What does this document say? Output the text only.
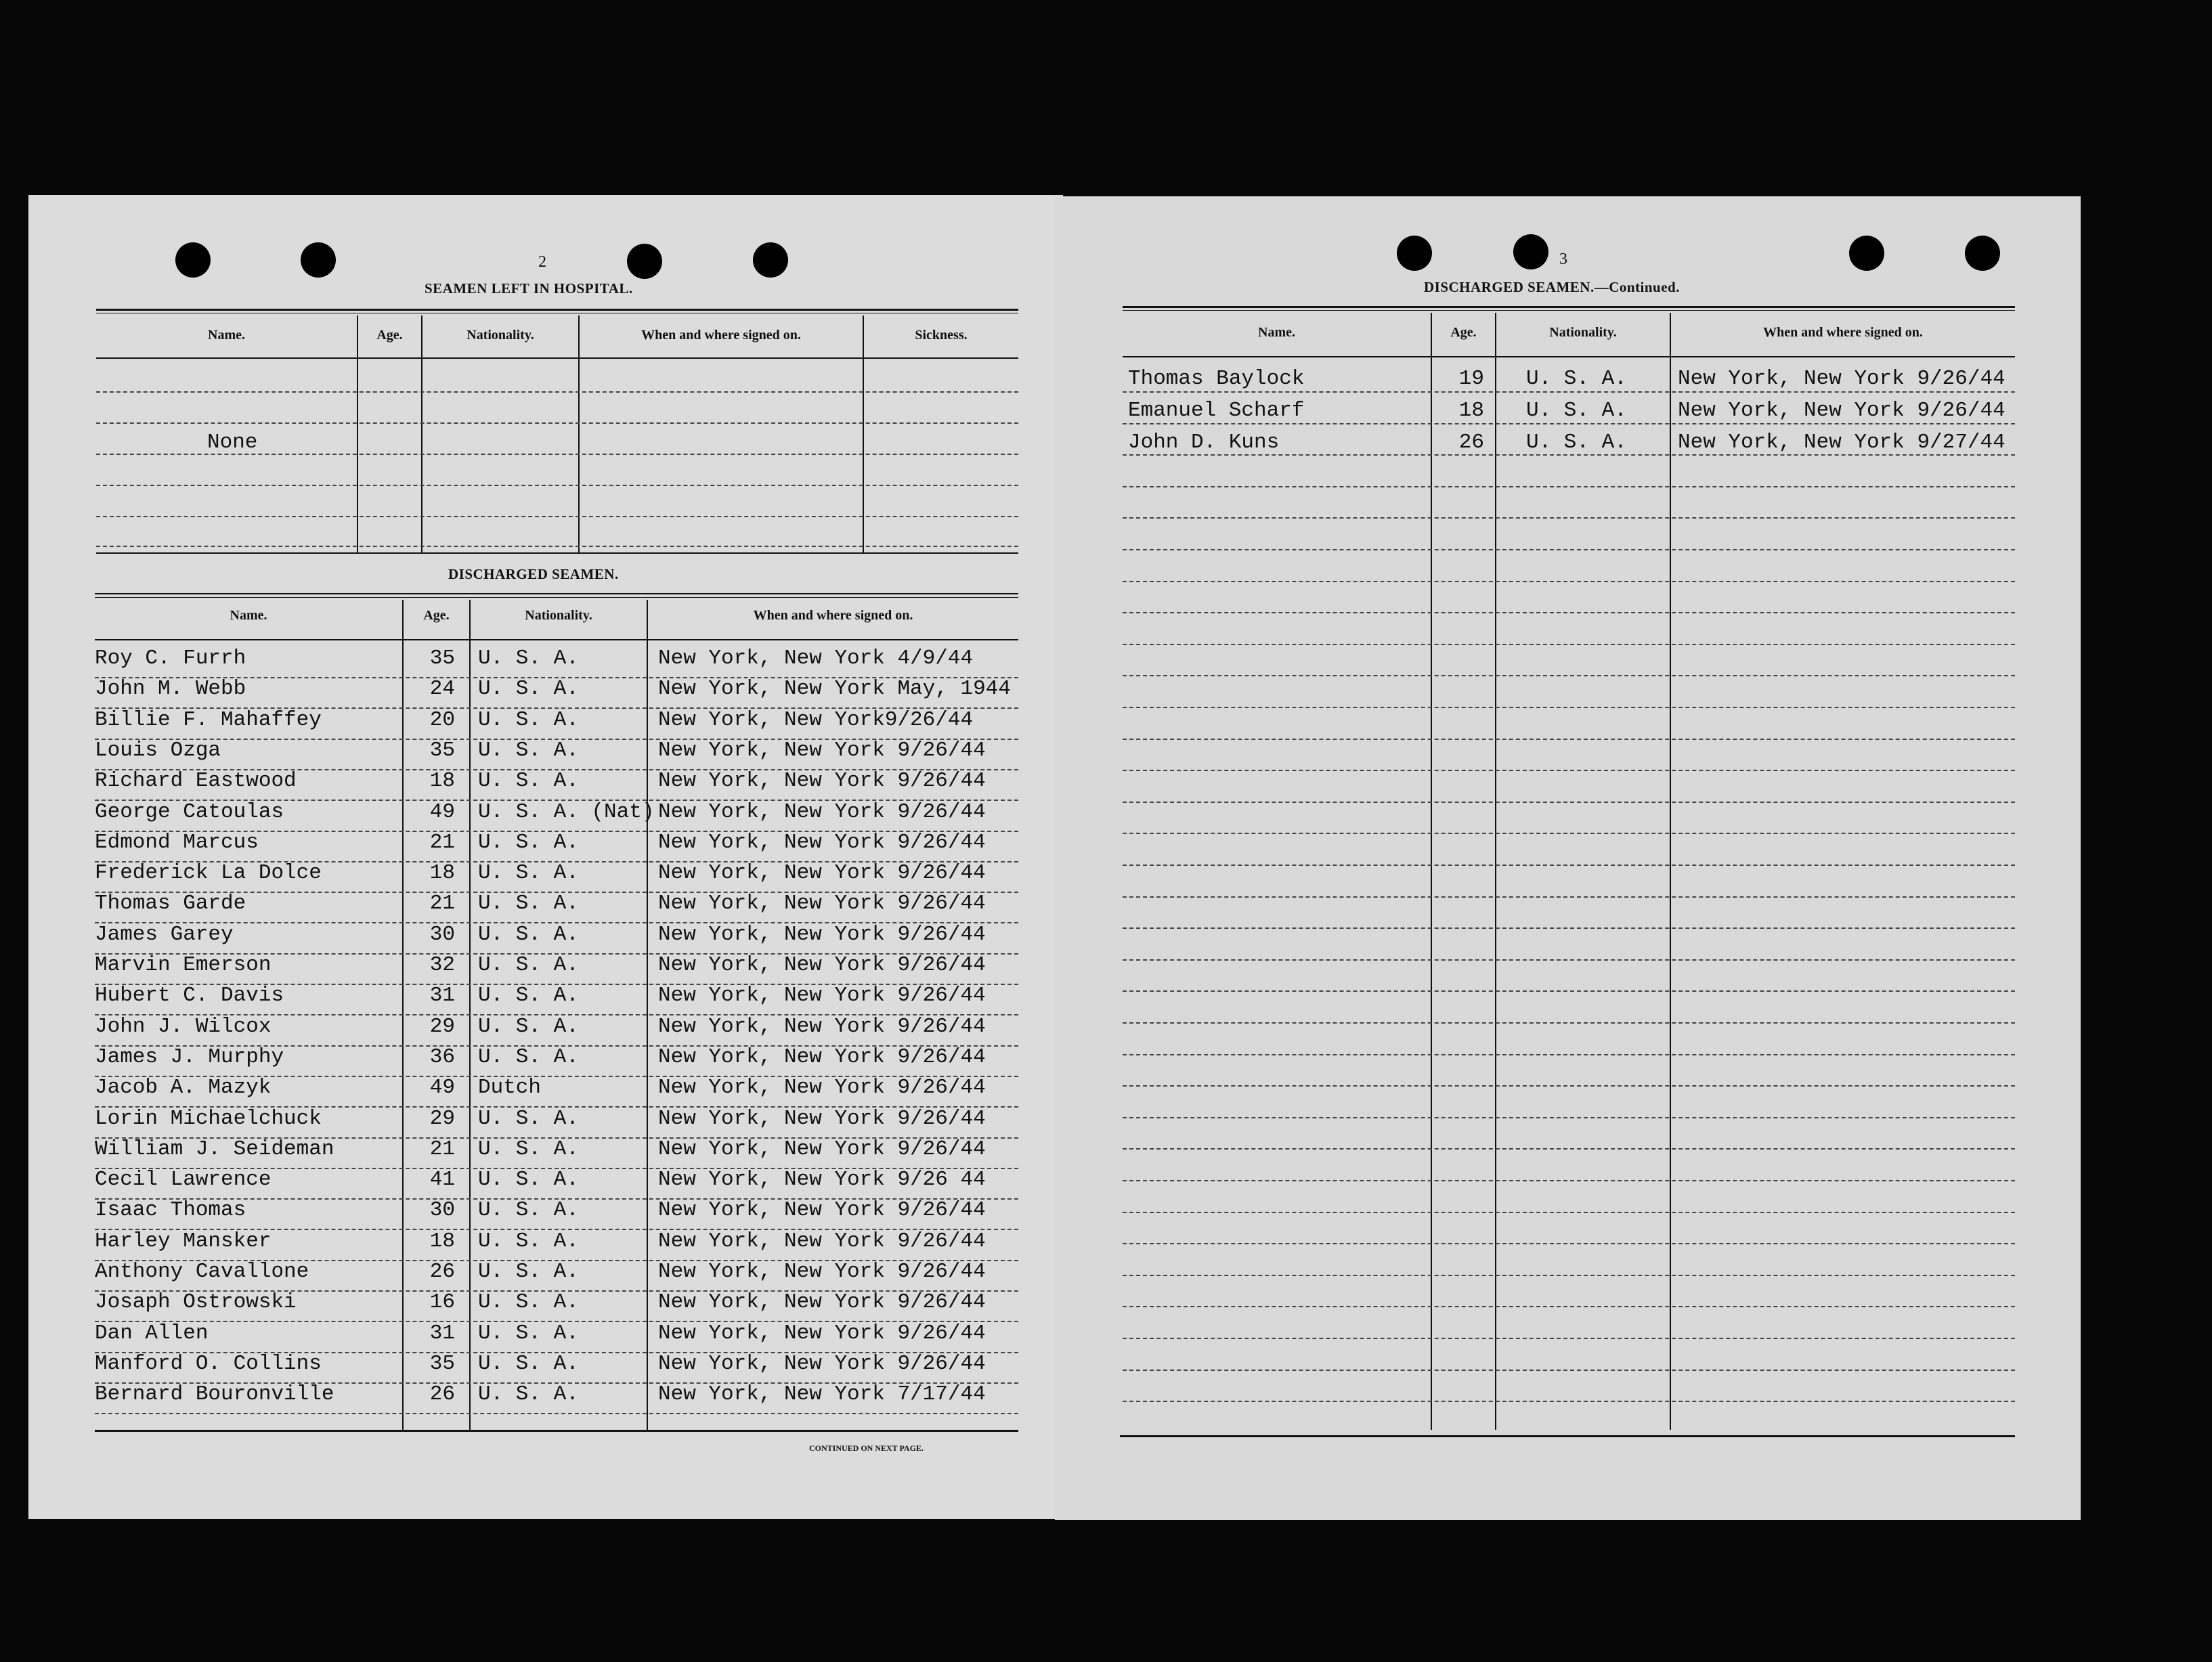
2
SEAMEN LEFT IN HOSPITAL.
Name.	Age.	Nationality.	When and where signed on.	Sickness.
None
DISCHARGED SEAMEN.
Name.	Age.	Nationality.	When and where signed on.
Roy C. Furrh	35 U. S. A.	New York, New York 4/9/44
John M. Webb	24 U. S. A.	New York, New York May, 1944
Billie F. Mahaffey	20 U. S. A.	New York, New York9/26/44
Louis Ozga	35 U. S. A.	New York, New York 9/26/44
Richard Eastwood	18 U. S. A.	New York, New York 9/26/44
George Catoulas	49 U. S. A. (Nat) New York, New York 9/26/44
Edmond Marcus	21 U. S. A.	New York, New York 9/26/44
Frederick La Dolce	18 U. S. A.	New York, New York 9/26/44
Thomas Garde	21 U. S. A.	New York, New York 9/26/44
James Garey	30 U. S. A.	New York, New York 9/26/44
Marvin Emerson	32 U. S. A.	New York, New York 9/26/44
Hubert C. Davis	31 U. S. A.	New York, New York 9/26/44
John J. Wilcox	29 U. S. A.	New York, New York 9/26/44
James J. Murphy	36 U. S. A.	New York, New York 9/26/44
Jacob A. Mazyk	49 Dutch	New York, New York 9/26/44
Lorin Michaelchuck	29 U. S. A.	New York, New York 9/26/44
William J. Seideman	21 U. S. A.	New York, New York 9/26/44
Cecil Lawrence	41 U. S. A.	New York, New York 9/26 44
Isaac Thomas	30 U. S. A.	New York, New York 9/26/44
Harley Mansker	18 U. S. A.	New York, New York 9/26/44
Anthony Cavallone	26 U. S. A.	New York, New York 9/26/44
Josaph Ostrowski	16 U. S. A.	New York, New York 9/26/44
Dan Allen	31 U. S. A.	New York, New York 9/26/44
Manford O. Collins	35 U. S. A.	New York, New York 9/26/44
Bernard Bouronville	26 U. S. A.	New York, New York 7/17/44
CONTINUED ON NEXT PAGE.
3
DISCHARGED SEAMEN.—Continued.
Name.	Age.	Nationality.	When and where signed on.
Thomas Baylock	19 U. S. A. New York, New York 9/26/44
Emanuel Scharf	18 U. S. A. New York, New York 9/26/44
John D. Kuns	26 U. S. A. New York, New York 9/27/44
